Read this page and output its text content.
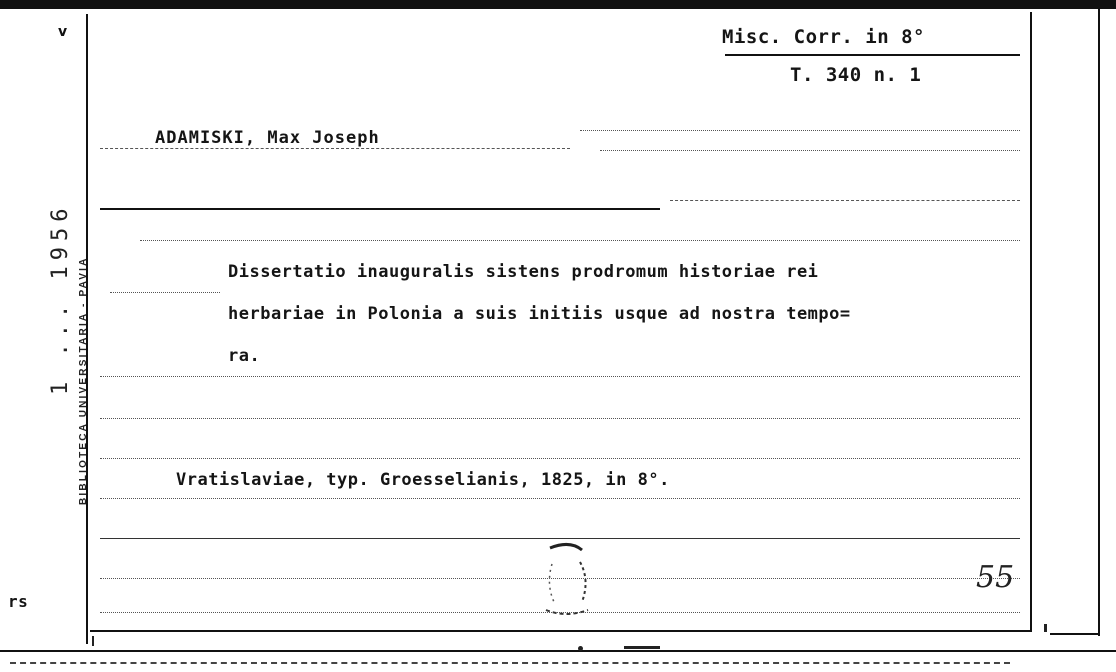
Misc. Corr. in 8°
T. 340 n. 1
ADAMISKI, Max Joseph
Dissertatio inauguralis sistens prodromum historiae rei
herbariae in Polonia a suis initiis usque ad nostra tempo=
ra.
Vratislaviae, typ. Groesselianis, 1825, in 8°.
BIBLIOTECA UNIVERSITARIA - PAVIA
1 ... 1956
v
rs
55
